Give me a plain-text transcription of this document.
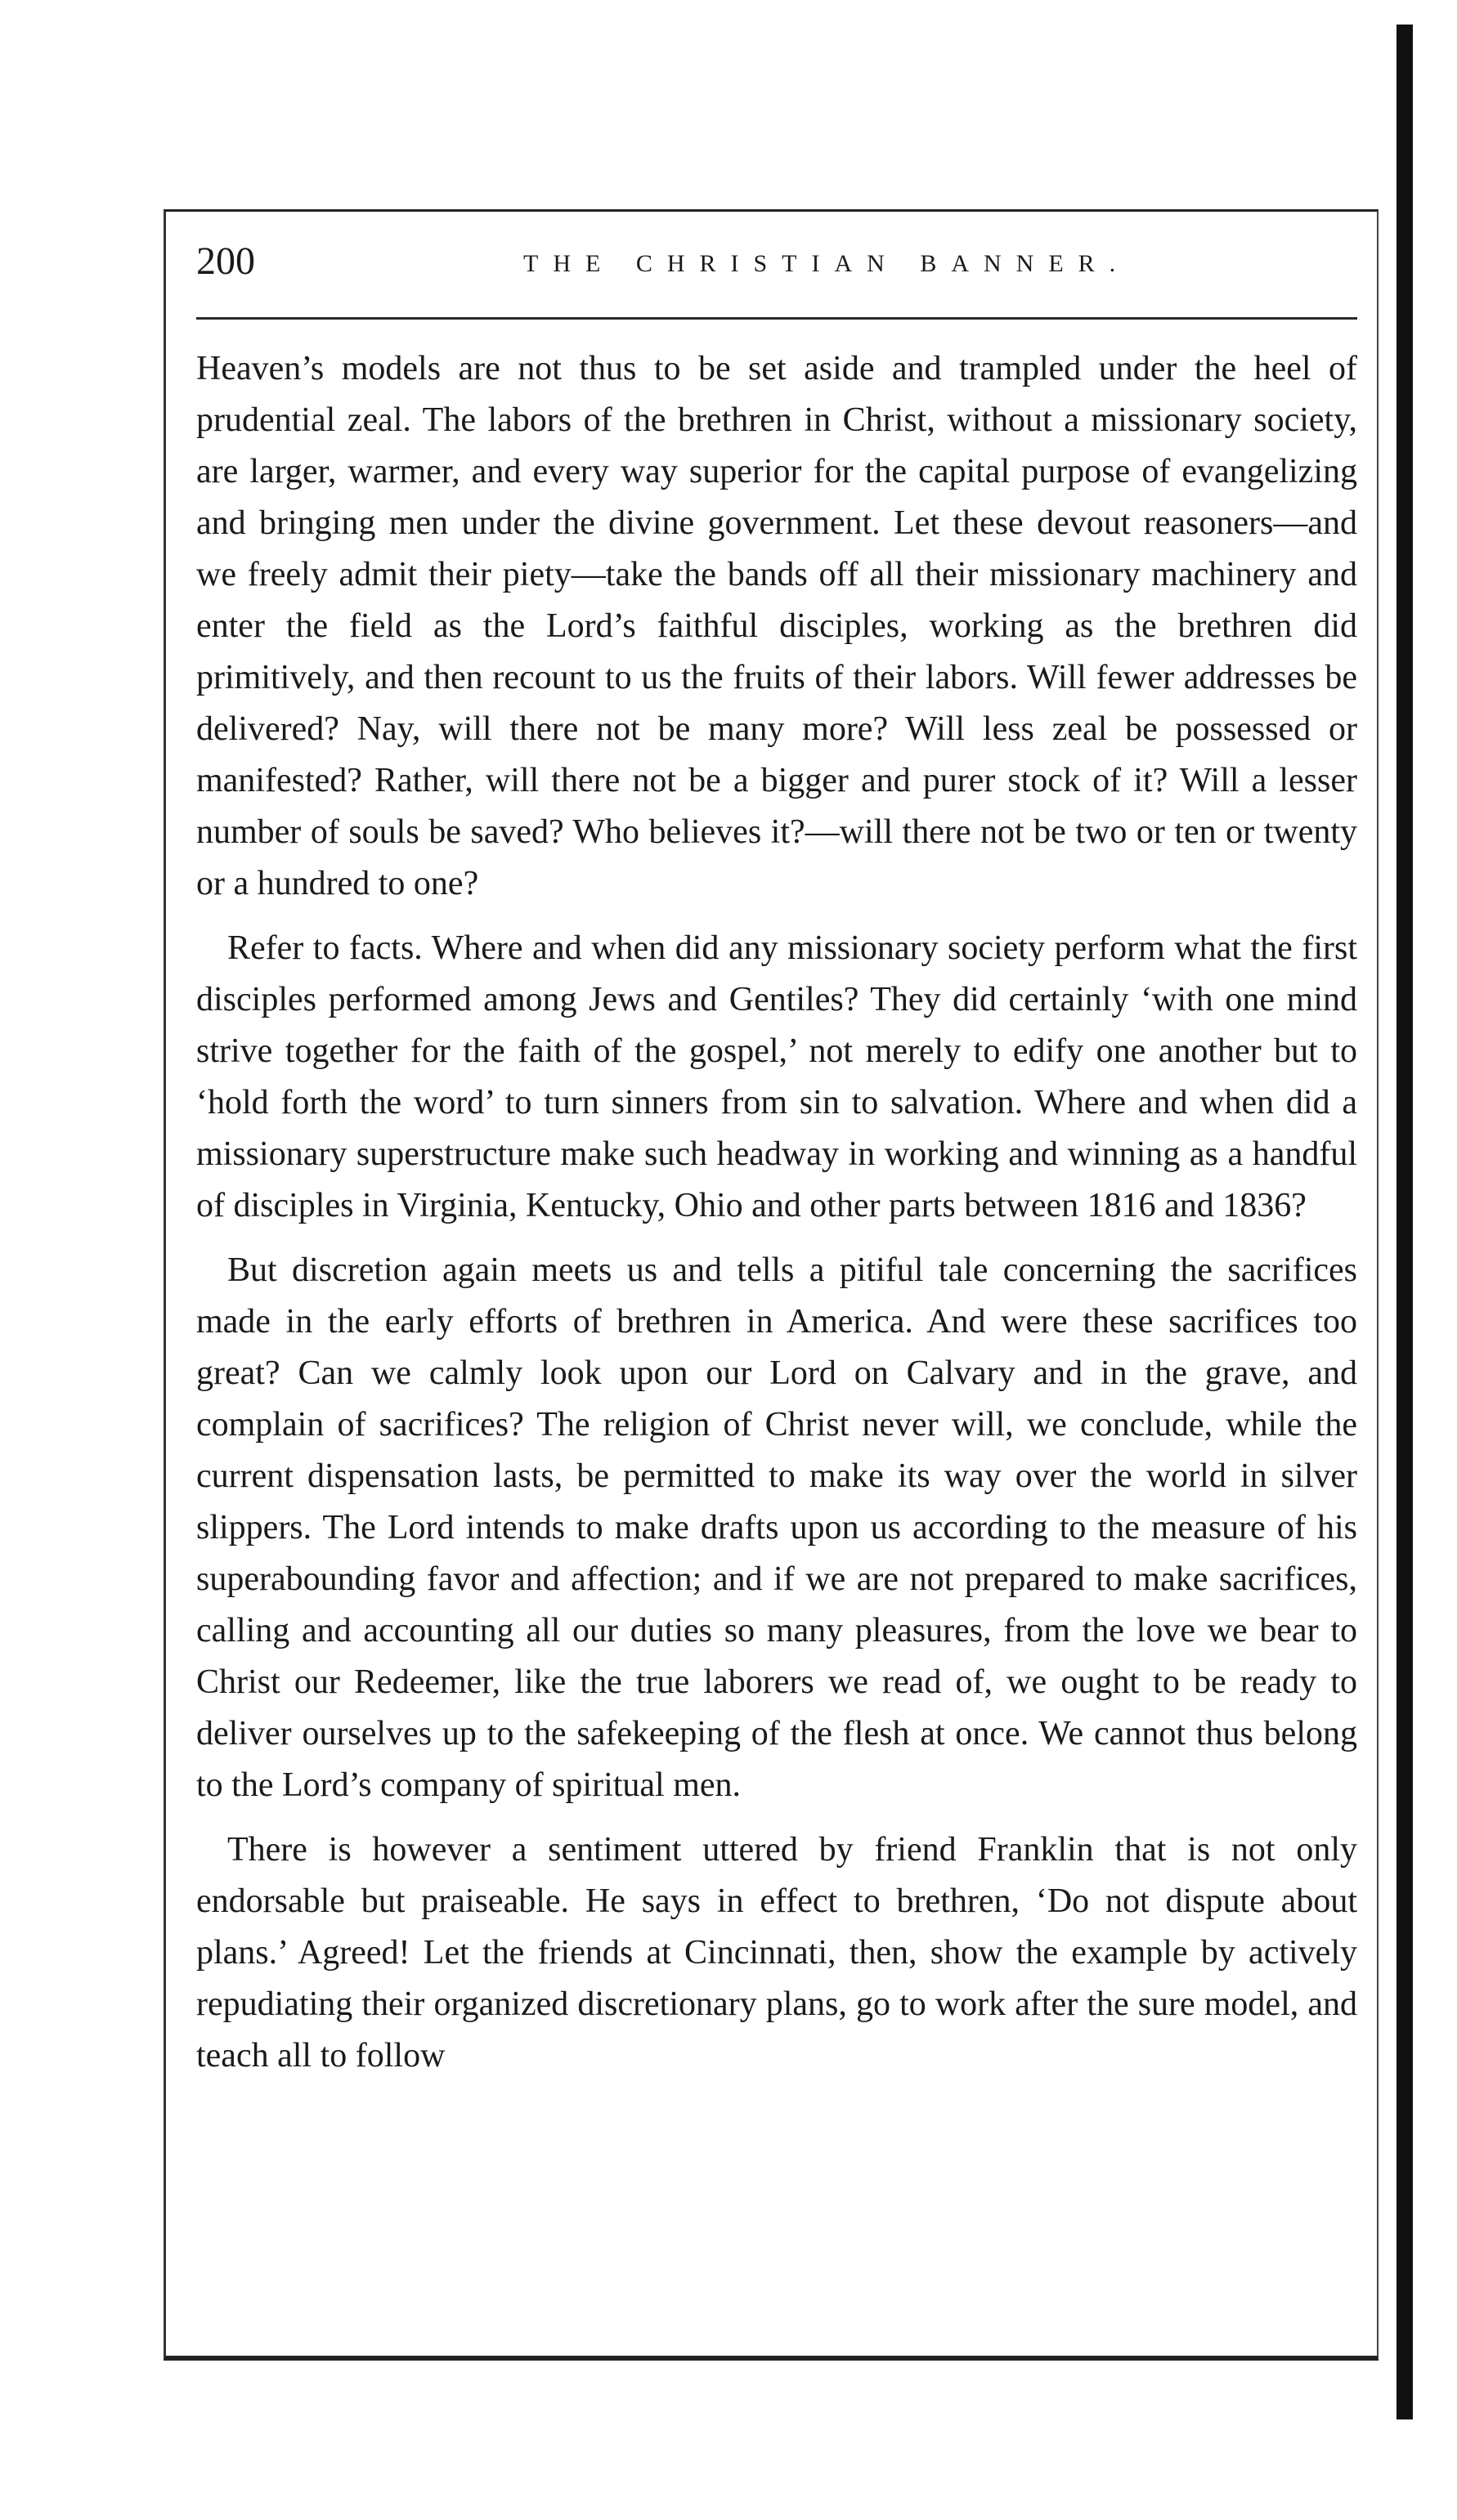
200	THE CHRISTIAN BANNER.

Heaven’s models are not thus to be set aside and trampled under the heel of prudential zeal. The labors of the brethren in Christ, without a missionary society, are larger, warmer, and every way superior for the capital purpose of evangelizing and bringing men under the divine government. Let these devout reasoners—and we freely admit their piety—take the bands off all their missionary machinery and enter the field as the Lord’s faithful disciples, working as the brethren did primitively, and then recount to us the fruits of their labors. Will fewer addresses be delivered? Nay, will there not be many more? Will less zeal be possessed or manifested? Rather, will there not be a bigger and purer stock of it? Will a lesser number of souls be saved? Who believes it?—will there not be two or ten or twenty or a hundred to one?

Refer to facts. Where and when did any missionary society perform what the first disciples performed among Jews and Gentiles? They did certainly ‘with one mind strive together for the faith of the gospel,’ not merely to edify one another but to ‘hold forth the word’ to turn sinners from sin to salvation. Where and when did a missionary superstructure make such headway in working and winning as a handful of disciples in Virginia, Kentucky, Ohio and other parts between 1816 and 1836?

But discretion again meets us and tells a pitiful tale concerning the sacrifices made in the early efforts of brethren in America. And were these sacrifices too great? Can we calmly look upon our Lord on Calvary and in the grave, and complain of sacrifices? The religion of Christ never will, we conclude, while the current dispensation lasts, be permitted to make its way over the world in silver slippers. The Lord intends to make drafts upon us according to the measure of his superabounding favor and affection; and if we are not prepared to make sacrifices, calling and accounting all our duties so many pleasures, from the love we bear to Christ our Redeemer, like the true laborers we read of, we ought to be ready to deliver ourselves up to the safekeeping of the flesh at once. We cannot thus belong to the Lord’s company of spiritual men.

There is however a sentiment uttered by friend Franklin that is not only endorsable but praiseable. He says in effect to brethren, ‘Do not dispute about plans.’ Agreed! Let the friends at Cincinnati, then, show the example by actively repudiating their organized discretionary plans, go to work after the sure model, and teach all to follow
